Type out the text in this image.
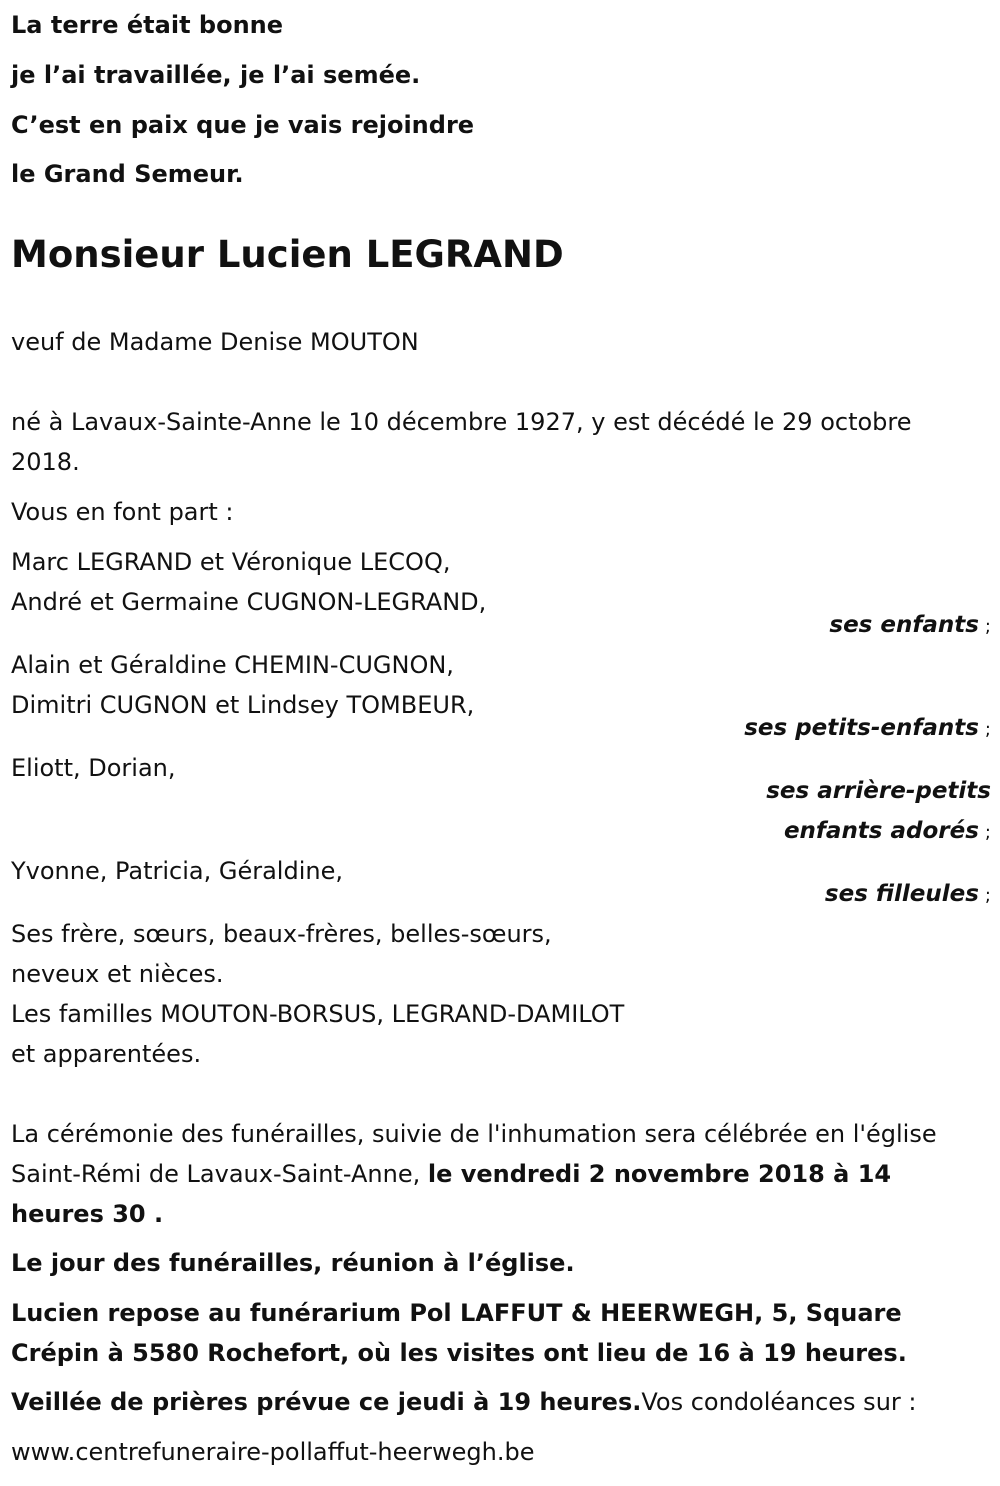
La terre était bonne
je l’ai travaillée, je l’ai semée.
C’est en paix que je vais rejoindre
le Grand Semeur.
Monsieur Lucien LEGRAND
veuf de Madame Denise MOUTON
né à Lavaux-Sainte-Anne le 10 décembre 1927, y est décédé le 29 octobre
2018.
Vous en font part :
Marc LEGRAND et Véronique LECOQ,
André et Germaine CUGNON-LEGRAND,
ses enfants ;
Alain et Géraldine CHEMIN-CUGNON,
Dimitri CUGNON et Lindsey TOMBEUR,
ses petits-enfants ;
Eliott, Dorian,
ses arrière-petits
enfants adorés ;
Yvonne, Patricia, Géraldine,
ses filleules ;
Ses frère, sœurs, beaux-frères, belles-sœurs,
neveux et nièces.
Les familles MOUTON-BORSUS, LEGRAND-DAMILOT
et apparentées.
La cérémonie des funérailles, suivie de l'inhumation sera célébrée en l'église Saint-Rémi de Lavaux-Saint-Anne, le vendredi 2 novembre 2018 à 14 heures 30 .
Le jour des funérailles, réunion à l’église.
Lucien repose au funérarium Pol LAFFUT & HEERWEGH, 5, Square Crépin à 5580 Rochefort, où les visites ont lieu de 16 à 19 heures.
Veillée de prières prévue ce jeudi à 19 heures.Vos condoléances sur :
www.centrefuneraire-pollaffut-heerwegh.be
